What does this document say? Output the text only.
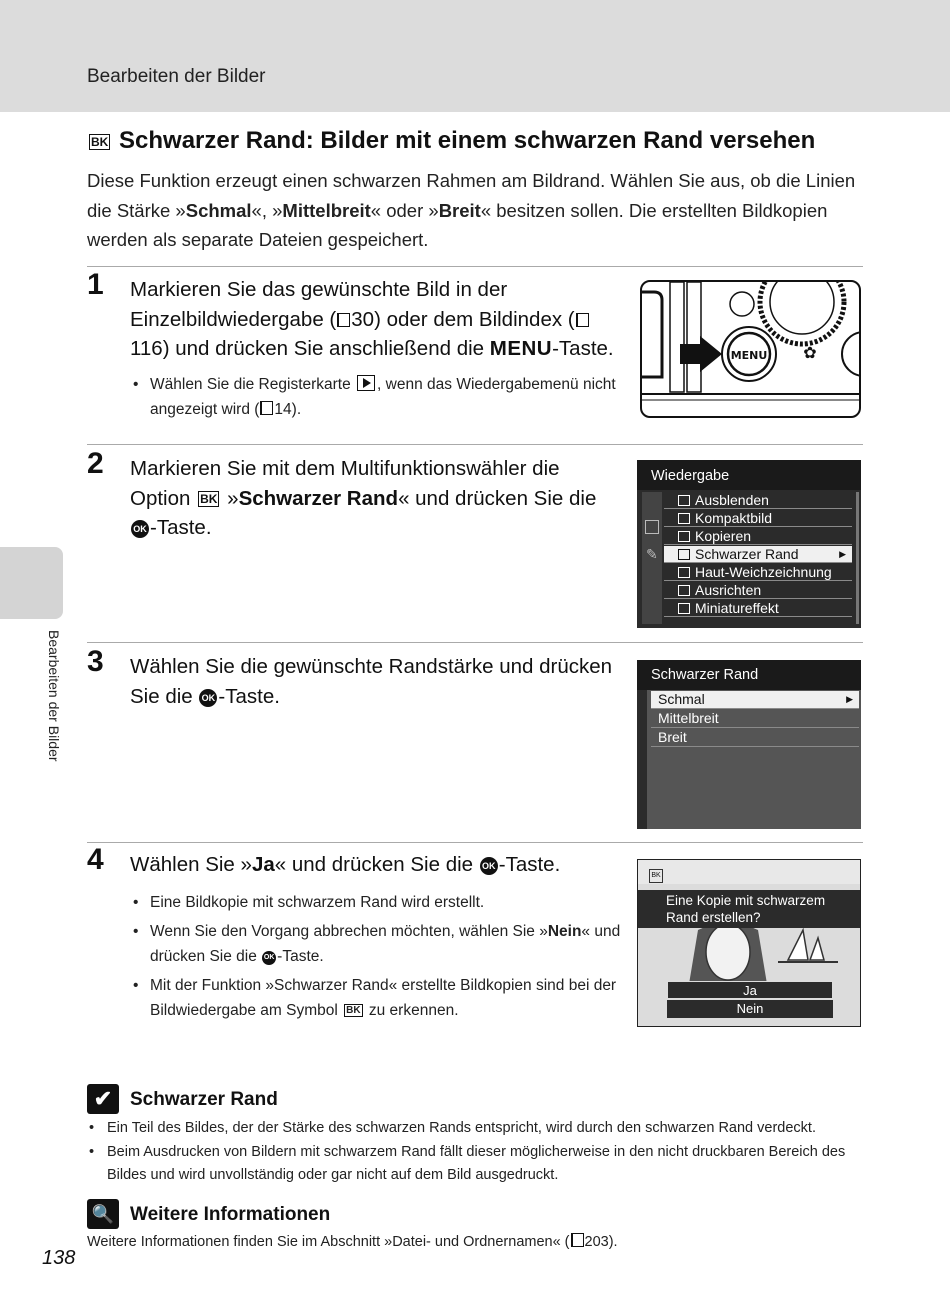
Bearbeiten der Bilder
Bearbeiten der Bilder
BK Schwarzer Rand: Bilder mit einem schwarzen Rand versehen
Diese Funktion erzeugt einen schwarzen Rahmen am Bildrand. Wählen Sie aus, ob die Linien die Stärke »Schmal«, »Mittelbreit« oder »Breit« besitzen sollen. Die erstellten Bildkopien werden als separate Dateien gespeichert.
1 Markieren Sie das gewünschte Bild in der Einzelbildwiedergabe ( 30) oder dem Bildindex (116) und drücken Sie anschließend die MENU-Taste.
• Wählen Sie die Registerkarte , wenn das Wiedergabemenü nicht angezeigt wird ( 14).
MENU ✿
2 Markieren Sie mit dem Multifunktionswähler die Option BK »Schwarzer Rand« und drücken Sie die OK -Taste.
Wiedergabe
✎
Ausblenden
Kompaktbild
Kopieren
Schwarzer Rand	▶
Haut-Weichzeichnung
Ausrichten
Miniatureffekt
3 Wählen Sie die gewünschte Randstärke und drücken Sie die OK -Taste.
Schwarzer Rand
Schmal	▶
Mittelbreit
Breit
4 Wählen Sie »Ja« und drücken Sie die OK -Taste.
• Eine Bildkopie mit schwarzem Rand wird erstellt.
• Wenn Sie den Vorgang abbrechen möchten, wählen Sie »Nein« und drücken Sie die OK -Taste.
• Mit der Funktion »Schwarzer Rand« erstellte Bildkopien sind bei der Bildwiedergabe am Symbol BK zu erkennen.
BK
Eine Kopie mit schwarzem
Rand erstellen?
Ja
Nein
✔ Schwarzer Rand
• Ein Teil des Bildes, der der Stärke des schwarzen Rands entspricht, wird durch den schwarzen Rand verdeckt.
• Beim Ausdrucken von Bildern mit schwarzem Rand fällt dieser möglicherweise in den nicht druckbaren Bereich des Bildes und wird unvollständig oder gar nicht auf dem Bild ausgedruckt.
🔍 Weitere Informationen
Weitere Informationen finden Sie im Abschnitt »Datei- und Ordnernamen« ( 203).
138
